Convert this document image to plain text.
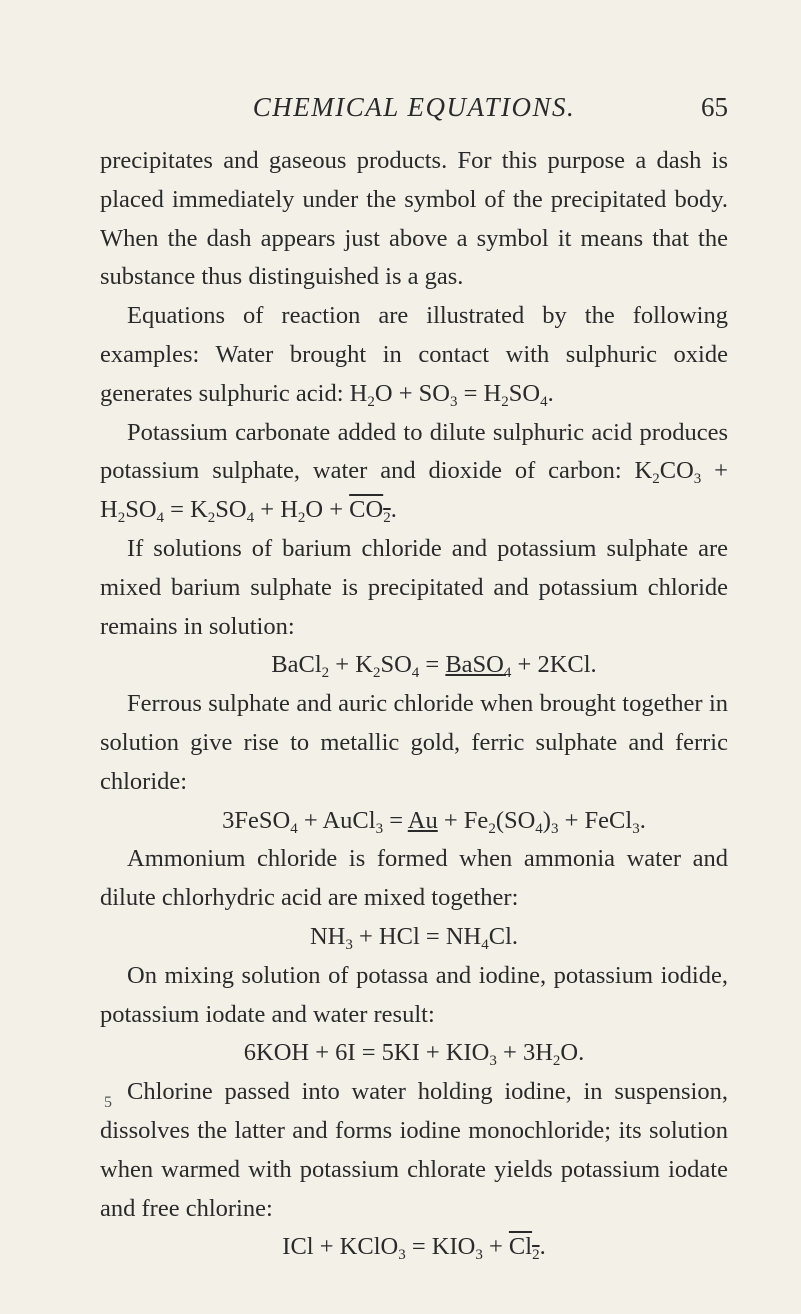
CHEMICAL EQUATIONS.	65

precipitates and gaseous products. For this purpose a dash is placed immediately under the symbol of the precipitated body. When the dash appears just above a symbol it means that the substance thus distinguished is a gas.

Equations of reaction are illustrated by the following examples: Water brought in contact with sulphuric oxide generates sulphuric acid: $H_2O + SO_3 = H_2SO_4$.

Potassium carbonate added to dilute sulphuric acid produces potassium sulphate, water and dioxide of carbon: $K_2CO_3 + H_2SO_4 = K_2SO_4 + H_2O + CO_2$.

If solutions of barium chloride and potassium sulphate are mixed barium sulphate is precipitated and potassium chloride remains in solution:

BaCl$_2$ + $K_2SO_4$ = BaSO$_4$ + 2KCl.

Ferrous sulphate and auric chloride when brought together in solution give rise to metallic gold, ferric sulphate and ferric chloride:

3FeSO$_4$ + AuCl$_3$ = $Au + Fe_2(SO_4)_3$ + FeCl$_3$.

Ammonium chloride is formed when ammonia water and dilute chlorhydric acid are mixed together:

$NH_3$ + HCl = $NH_4Cl$.

On mixing solution of potassa and iodine, potassium iodide, potassium iodate and water result:

$6KOH + 6I = 5KI + KIO_3 + 3H_2O$.

Chlorine passed into water holding iodine, in suspension, dissolves the latter and forms iodine monochloride; its solution when warmed with potassium chlorate yields potassium iodate and free chlorine:

ICl + KClO$_3$ = $KIO_3 + Cl_2$.

5
